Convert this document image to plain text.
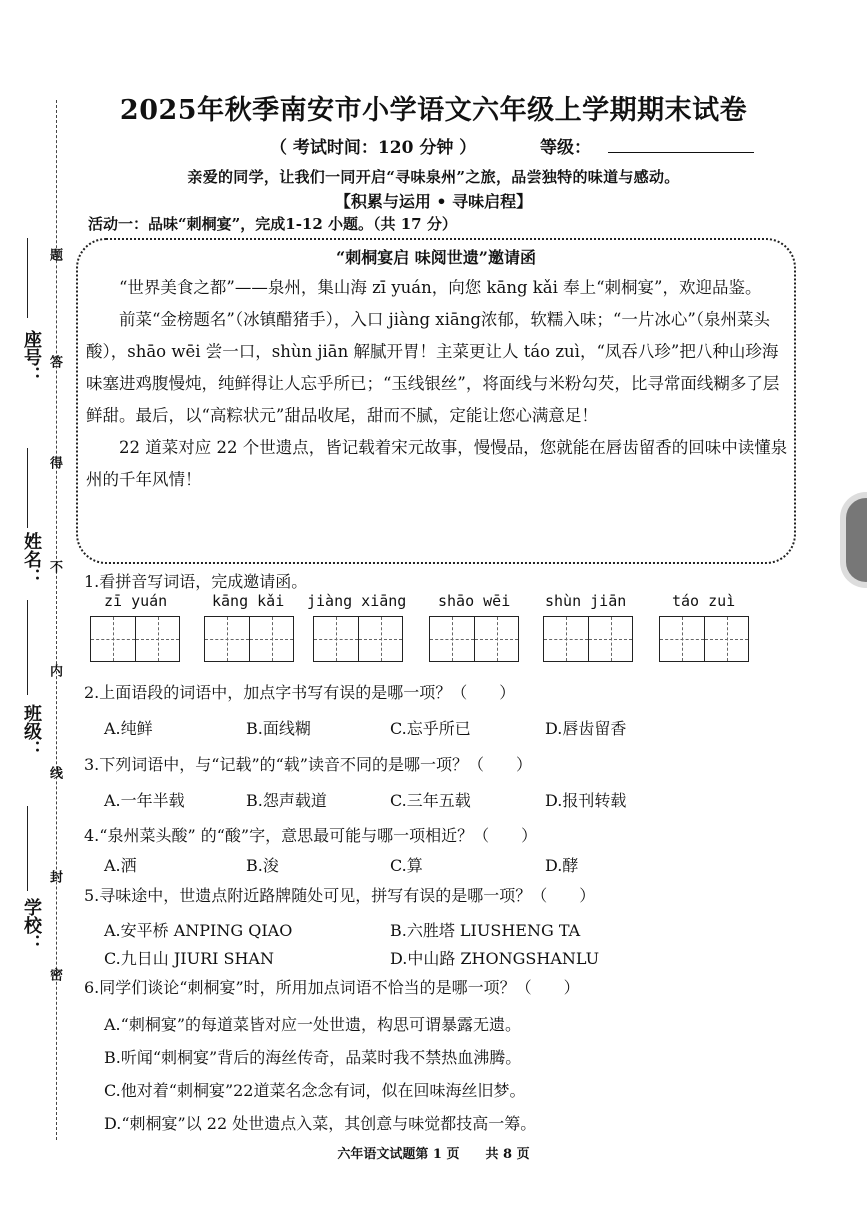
题
答
得
不
内
线
封
密
座号：
姓名：
班级：
学校：
2025年秋季南安市小学语文六年级上学期期末试卷
（ 考试时间：120 分钟 ）	等级：
亲爱的同学，让我们一同开启“寻味泉州”之旅，品尝独特的味道与感动。
【积累与运用 • 寻味启程】
活动一：品味“刺桐宴”，完成1-12 小题。（共 17 分）
“刺桐宴启 味阅世遗”邀请函

“世界美食之都”——泉州，集山海 zī yuán，向您 kāng kǎi 奉上“刺桐宴”，欢迎品鉴。

前菜“金榜题名”（冰镇醋猪手），入口 jiàng xiāng浓郁，软糯入味；“一片冰心”（泉州菜头酸），shāo wēi 尝一口，shùn jiān 解腻开胃！主菜更让人 táo zuì，“凤吞八珍”把八种山珍海味塞进鸡腹慢炖，纯鲜得让人忘乎所已；“玉线银丝”，将面线与米粉勾芡，比寻常面线糊多了层鲜甜。最后，以“高粽状元”甜品收尾，甜而不腻，定能让您心满意足！

22 道菜对应 22 个世遗点，皆记载着宋元故事，慢慢品，您就能在唇齿留香的回味中读懂泉州的千年风情！

1.看拼音写词语，完成邀请函。
zī yuán	kāng kǎi jiàng xiāng shāo wēi shùn jiān	táo zuì
2.上面语段的词语中，加点字书写有误的是哪一项？（　　）
A.纯鲜	B.面线糊	C.忘乎所已	D.唇齿留香
3.下列词语中，与“记载”的“载”读音不同的是哪一项？（　　）
A.一年半载	B.怨声载道	C.三年五载	D.报刊转载
4.“泉州菜头酸” 的“酸”字，意思最可能与哪一项相近？（　　）
A.洒	B.浚	C.算	D.酵
5.寻味途中，世遗点附近路牌随处可见，拼写有误的是哪一项？（　　）
A.安平桥 ANPING QIAO	B.六胜塔 LIUSHENG TA
C.九日山 JIURI SHAN	D.中山路 ZHONGSHANLU
6.同学们谈论“刺桐宴”时，所用加点词语不恰当的是哪一项？（　　）
A.“刺桐宴”的每道菜皆对应一处世遗，构思可谓暴露无遗。
B.听闻“刺桐宴”背后的海丝传奇，品菜时我不禁热血沸腾。
C.他对着“刺桐宴”22道菜名念念有词，似在回味海丝旧梦。
D.“刺桐宴”以 22 处世遗点入菜，其创意与味觉都技高一筹。
六年语文试题第 1 页　　共 8 页
